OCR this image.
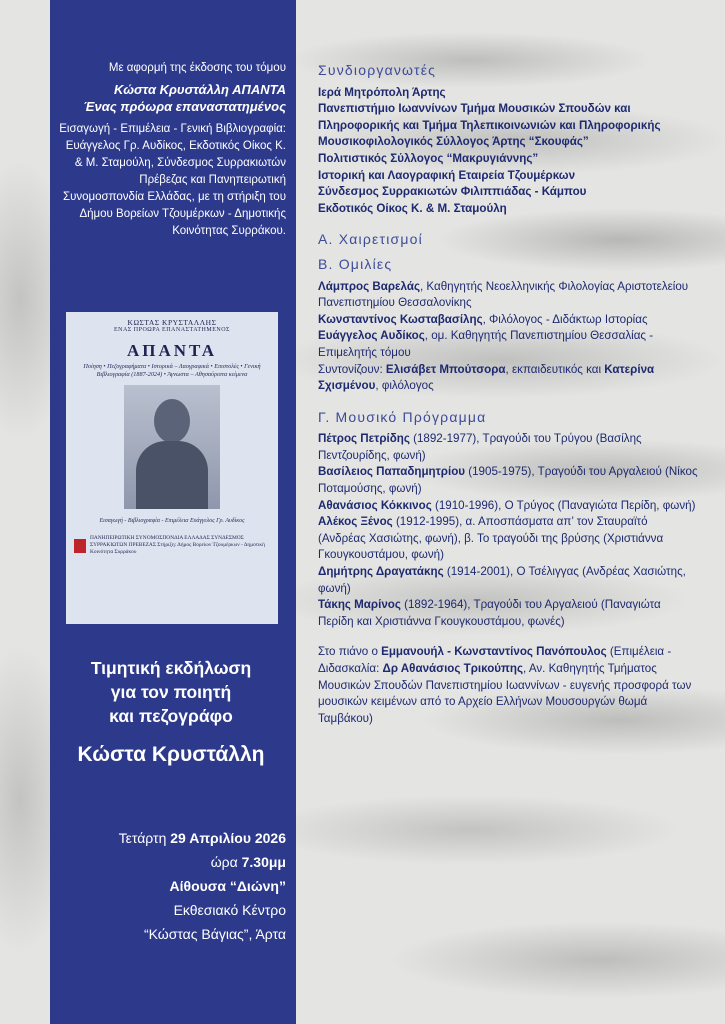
Με αφορμή της έκδοσης του τόμου
Κώστα Κρυστάλλη ΑΠΑΝΤΑ
Ένας πρόωρα επαναστατημένος
Εισαγωγή - Επιμέλεια - Γενική Βιβλιογραφία: Ευάγγελος Γρ. Αυδίκος, Εκδοτικός Οίκος Κ. & Μ. Σταμούλη, Σύνδεσμος Συρρακιωτών Πρέβεζας και Πανηπειρωτική Συνομοσπονδία Ελλάδας, με τη στήριξη του Δήμου Βορείων Τζουμέρκων - Δημοτικής Κοινότητας Συρράκου.
ΚΩΣΤΑΣ ΚΡΥΣΤΑΛΛΗΣ
ΕΝΑΣ ΠΡΟΩΡΑ ΕΠΑΝΑΣΤΑΤΗΜΕΝΟΣ
ΑΠΑΝΤΑ
Ποίηση • Πεζογραφήματα • Ιστορικά – Λαογραφικά • Επιστολές • Γενική Βιβλιογραφία (1887-2024) • Άγνωστα – Αθησαύριστα κείμενα
Εισαγωγή - Βιβλιογραφία - Επιμέλεια Ευάγγελος Γρ. Αυδίκος
ΠΑΝΗΠΕΙΡΩΤΙΚΗ ΣΥΝΟΜΟΣΠΟΝΔΙΑ ΕΛΛΑΔΑΣ ΣΥΝΔΕΣΜΟΣ ΣΥΡΡΑΚΙΩΤΩΝ ΠΡΕΒΕΖΑΣ Στήριξη: Δήμος Βορείων Τζουμέρκων - Δημοτική Κοινότητα Συρράκου
Τιμητική εκδήλωση
για τον ποιητή
και πεζογράφο
Κώστα Κρυστάλλη
Τετάρτη 29 Απριλίου 2026
ώρα 7.30μμ
Αίθουσα “Διώνη”
Εκθεσιακό Κέντρο
“Κώστας Βάγιας”, Άρτα
Συνδιοργανωτές
Ιερά Μητρόπολη Άρτης
Πανεπιστήμιο Ιωαννίνων Τμήμα Μουσικών Σπουδών και Πληροφορικής και Τμήμα Τηλεπικοινωνιών και Πληροφορικής
Μουσικοφιλολογικός Σύλλογος Άρτης “Σκουφάς”
Πολιτιστικός Σύλλογος “Μακρυγιάννης”
Ιστορική και Λαογραφική Εταιρεία Τζουμέρκων
Σύνδεσμος Συρρακιωτών Φιλιππιάδας - Κάμπου
Εκδοτικός Οίκος Κ. & Μ. Σταμούλη
Α. Χαιρετισμοί
Β. Ομιλίες

Λάμπρος Βαρελάς, Καθηγητής Νεοελληνικής Φιλολογίας Αριστοτελείου Πανεπιστημίου Θεσσαλονίκης

Κωνσταντίνος Κωσταβασίλης, Φιλόλογος - Διδάκτωρ Ιστορίας

Ευάγγελος Αυδίκος, ομ. Καθηγητής Πανεπιστημίου Θεσσαλίας - Επιμελητής τόμου

Συντονίζουν: Ελισάβετ Μπούτσορα, εκπαιδευτικός και Κατερίνα Σχισμένου, φιλόλογος

Γ. Μουσικό Πρόγραμμα

Πέτρος Πετρίδης (1892-1977), Τραγούδι του Τρύγου (Βασίλης Πεντζουρίδης, φωνή)

Βασίλειος Παπαδημητρίου (1905-1975), Τραγούδι του Αργαλειού (Νίκος Ποταμούσης, φωνή)

Αθανάσιος Κόκκινος (1910-1996), Ο Τρύγος (Παναγιώτα Περίδη, φωνή)

Αλέκος Ξένος (1912-1995), α. Αποσπάσματα απ’ τον Σταυραϊτό (Ανδρέας Χασιώτης, φωνή), β. Το τραγούδι της βρύσης (Χριστιάννα Γκουγκουστάμου, φωνή)

Δημήτρης Δραγατάκης (1914-2001), Ο Τσέλιγγας (Ανδρέας Χασιώτης, φωνή)

Τάκης Μαρίνος (1892-1964), Τραγούδι του Αργαλειού (Παναγιώτα Περίδη και Χριστιάννα Γκουγκουστάμου, φωνές)

Στο πιάνο ο Εμμανουήλ - Κωνσταντίνος Πανόπουλος (Επιμέλεια - Διδασκαλία: Δρ Αθανάσιος Τρικούπης, Αν. Καθηγητής Τμήματος Μουσικών Σπουδών Πανεπιστημίου Ιωαννίνων - ευγενής προσφορά των μουσικών κειμένων από το Αρχείο Ελλήνων Μουσουργών θωμά Ταμβάκου)
